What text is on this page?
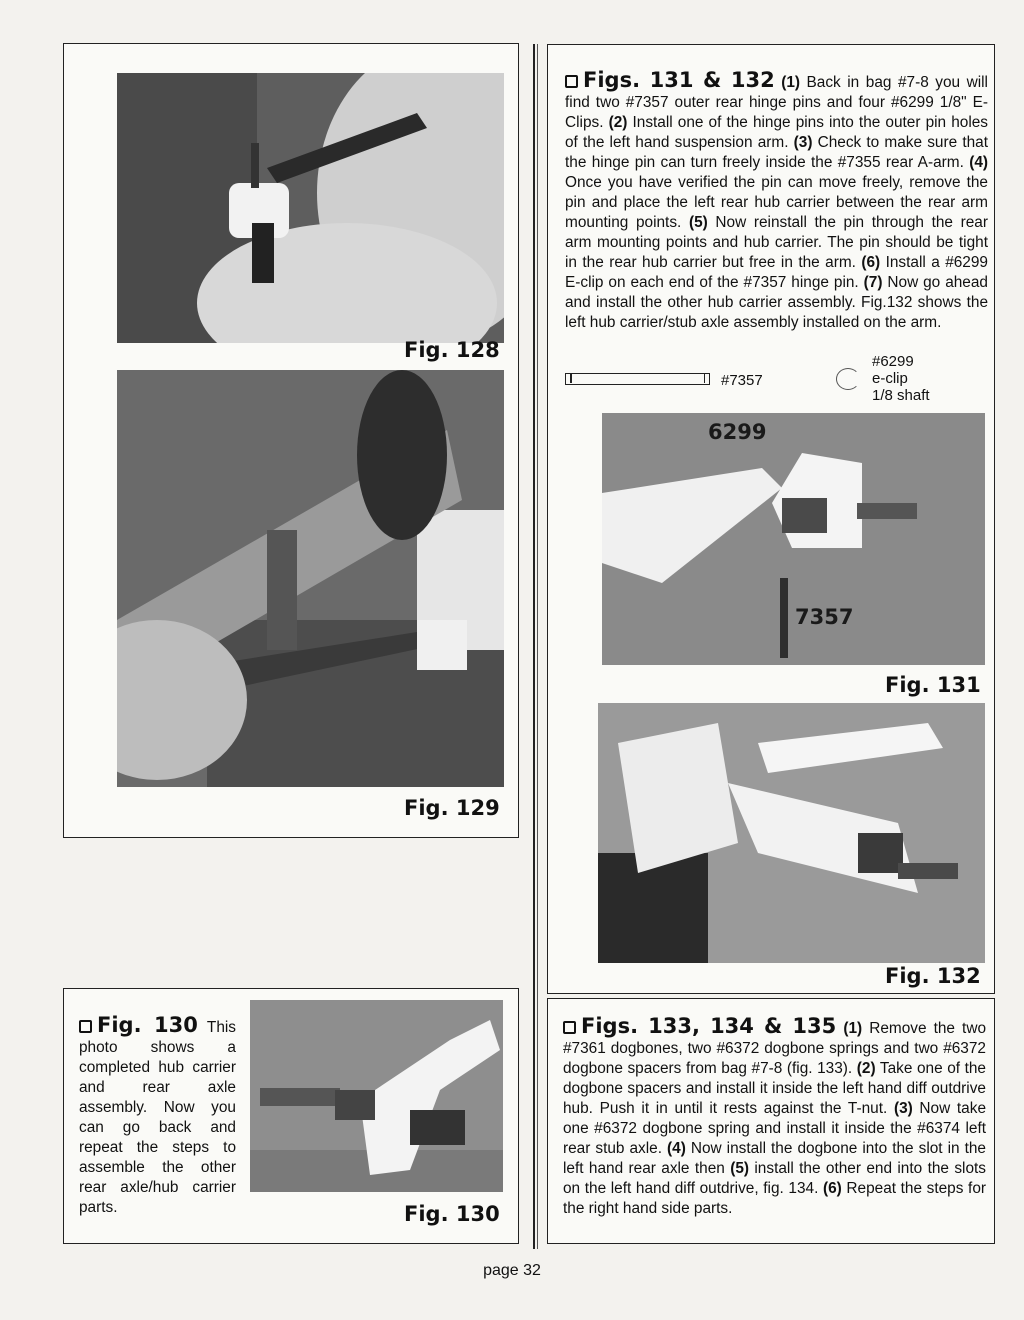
Fig. 128
Fig. 129
Fig. 130 This photo shows a completed hub carrier and rear axle assembly. Now you can go back and repeat the steps to assemble the other rear axle/hub carrier parts.	Fig. 130
Figs. 131 & 132 (1) Back in bag #7-8 you will find two #7357 outer rear hinge pins and four #6299 1/8" E-Clips. (2) Install one of the hinge pins into the outer pin holes of the left hand suspension arm. (3) Check to make sure that the hinge pin can turn freely inside the #7355 rear A-arm. (4) Once you have verified the pin can move freely, remove the pin and place the left rear hub carrier between the rear arm mounting points. (5) Now reinstall the pin through the rear arm mounting points and hub carrier. The pin should be tight in the rear hub carrier but free in the arm. (6) Install a #6299 E-clip on each end of the #7357 hinge pin. (7) Now go ahead and install the other hub carrier assembly. Fig.132 shows the left hub carrier/stub axle assembly installed on the arm.
#7357
#6299
e-clip
1/8 shaft
6299
7357
Fig. 131
Fig. 132
Figs. 133, 134 & 135 (1) Remove the two #7361 dogbones, two #6372 dogbone springs and two #6372 dogbone spacers from bag #7-8 (fig. 133). (2) Take one of the dogbone spacers and install it inside the left hand diff outdrive hub. Push it in until it rests against the T-nut. (3) Now take one #6372 dogbone spring and install it inside the #6374 left rear stub axle. (4) Now install the dogbone into the slot in the left hand rear axle then (5) install the other end into the slots on the left hand diff outdrive, fig. 134. (6) Repeat the steps for the right hand side parts.
page 32
